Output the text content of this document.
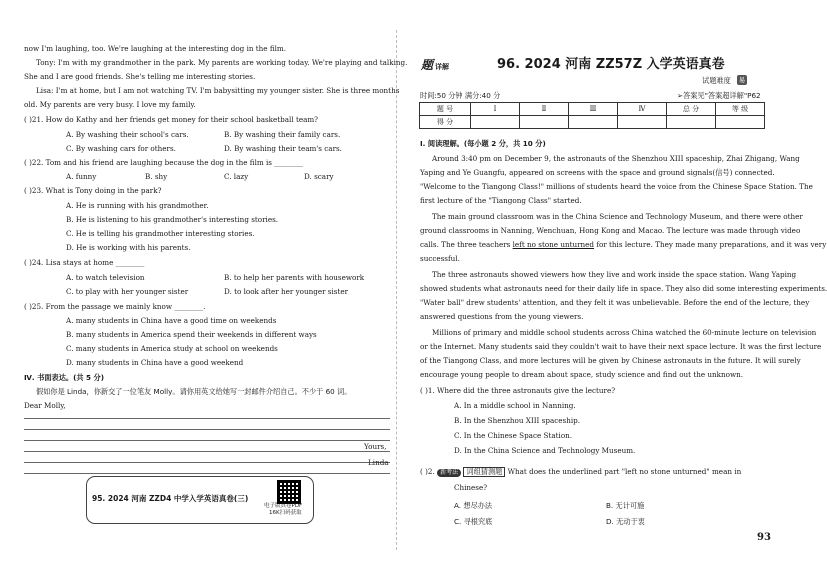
now I'm laughing, too. We're laughing at the interesting dog in the film.
Tony: I'm with my grandmother in the park. My parents are working today. We're playing and talking.
She and I are good friends. She's telling me interesting stories.
Lisa: I'm at home, but I am not watching TV. I'm babysitting my younger sister. She is three months
old. My parents are very busy. I love my family.
( )21. How do Kathy and her friends get money for their school basketball team?
A. By washing their school's cars.	B. By washing their family cars.
C. By washing cars for others.	D. By washing their team's cars.
( )22. Tom and his friend are laughing because the dog in the film is ________
A. funny	B. shy	C. lazy	D. scary
( )23. What is Tony doing in the park?
A. He is running with his grandmother.
B. He is listening to his grandmother's interesting stories.
C. He is telling his grandmother interesting stories.
D. He is working with his parents.
( )24. Lisa stays at home ________
A. to watch television	B. to help her parents with housework
C. to play with her younger sister	D. to look after her younger sister
( )25. From the passage we mainly know ________.
A. many students in China have a good time on weekends
B. many students in America spend their weekends in different ways
C. many students in America study at school on weekends
D. many students in China have a good weekend
Ⅳ. 书面表达。(共 5 分)
假如你是 Linda，你新交了一位笔友 Molly。请你用英文给她写一封邮件介绍自己。不少于 60 词。
Dear Molly,
Yours,
Linda
95. 2024 河南 ZZD4 中学入学英语真卷(三)
电子版真卷PDF
16K扫码获取
题详解	96. 2024 河南 ZZ57Z 入学英语真卷
试题难度 易
时间:50 分钟 满分:40 分	➢答案见"答案超详解"P62
题 号	Ⅰ	Ⅱ	Ⅲ	Ⅳ	总 分	等 级
得 分						
Ⅰ. 阅读理解。(每小题 2 分，共 10 分)
Around 3:40 pm on December 9, the astronauts of the Shenzhou XIII spaceship, Zhai Zhigang, Wang
Yaping and Ye Guangfu, appeared on screens with the space and ground signals(信号) connected.
"Welcome to the Tiangong Class!" millions of students heard the voice from the Chinese Space Station. The
first lecture of the "Tiangong Class" started.
The main ground classroom was in the China Science and Technology Museum, and there were other
ground classrooms in Nanning, Wenchuan, Hong Kong and Macao. The lecture was made through video
calls. The three teachers left no stone unturned for this lecture. They made many preparations, and it was very
successful.
The three astronauts showed viewers how they live and work inside the space station. Wang Yaping
showed students what astronauts need for their daily life in space. They also did some interesting experiments.
"Water ball" drew students' attention, and they felt it was unbelievable. Before the end of the lecture, they
answered questions from the young viewers.
Millions of primary and middle school students across China watched the 60-minute lecture on television
or the Internet. Many students said they couldn't wait to have their next space lecture. It was the first lecture
of the Tiangong Class, and more lectures will be given by Chinese astronauts in the future. It will surely
encourage young people to dream about space, study science and find out the unknown.
( )1. Where did the three astronauts give the lecture?
A. In a middle school in Nanning.
B. In the Shenzhou XIII spaceship.
C. In the Chinese Space Station.
D. In the China Science and Technology Museum.
( )2. 新考法 词组猜测题 What does the underlined part "left no stone unturned" mean in
Chinese?
A. 想尽办法	B. 无计可施
C. 寻根究底	D. 无动于衷
93
